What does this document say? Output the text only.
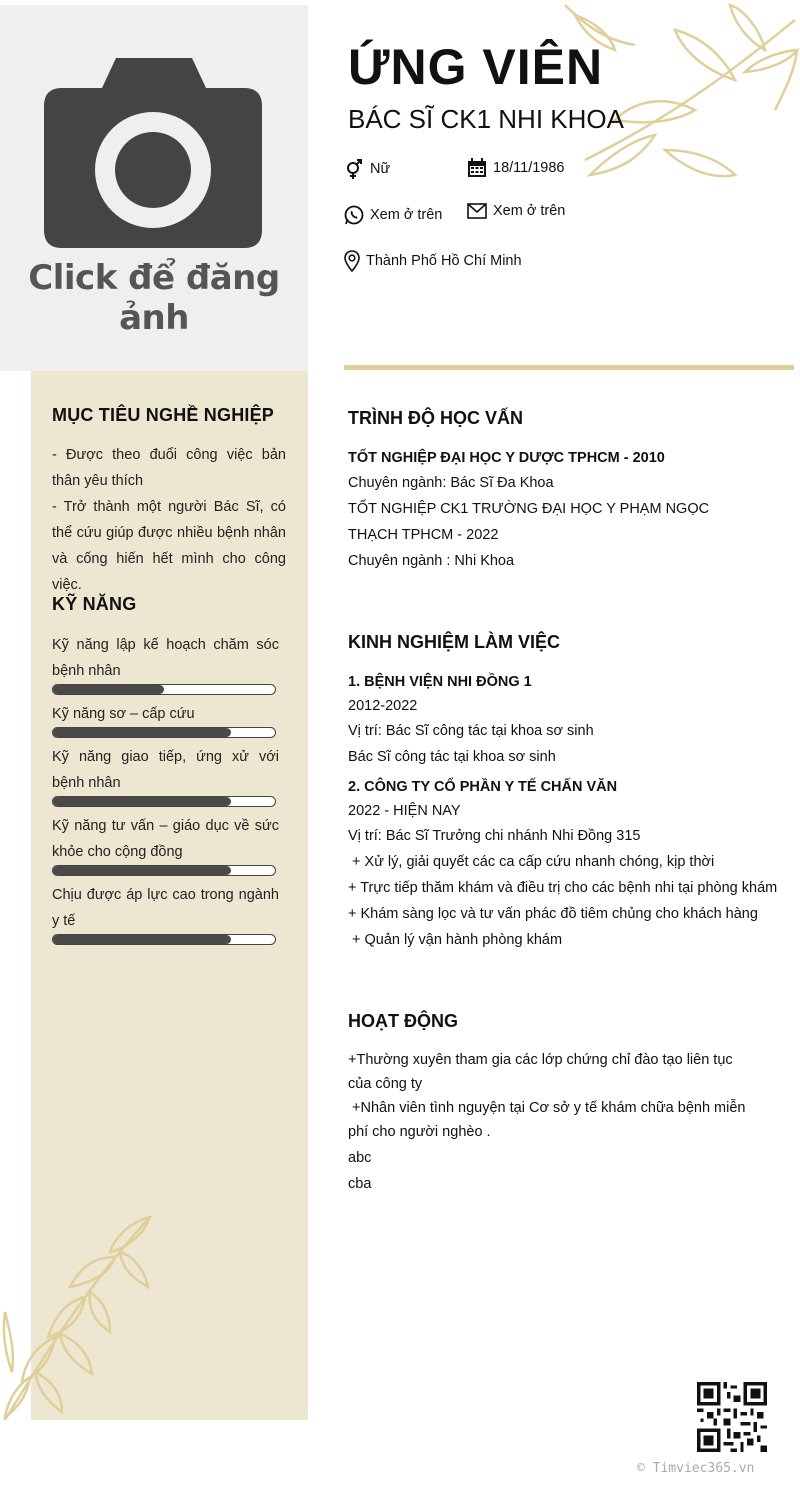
Click để đăng ảnh
MỤC TIÊU NGHỀ NGHIỆP
- Được theo đuổi công việc bản thân yêu thích
- Trở thành một người Bác Sĩ, có thể cứu giúp được nhiều bệnh nhân và cống hiến hết mình cho công việc.
KỸ NĂNG
Kỹ năng lập kế hoạch chăm sóc bệnh nhân
Kỹ năng sơ – cấp cứu
Kỹ năng giao tiếp, ứng xử với bệnh nhân
Kỹ năng tư vấn – giáo dục về sức khỏe cho cộng đồng
Chịu được áp lực cao trong ngành y tế
ỨNG VIÊN
BÁC SĨ CK1 NHI KHOA
Nữ	18/11/1986
Xem ở trên	Xem ở trên
Thành Phố Hồ Chí Minh
TRÌNH ĐỘ HỌC VẤN
TỐT NGHIỆP ĐẠI HỌC Y DƯỢC TPHCM - 2010
Chuyên ngành: Bác Sĩ Đa Khoa
TỐT NGHIỆP CK1 TRƯỜNG ĐẠI HỌC Y PHẠM NGỌC THẠCH TPHCM - 2022
Chuyên ngành : Nhi Khoa
KINH NGHIỆM LÀM VIỆC
1. BỆNH VIỆN NHI ĐỒNG 1
2012-2022
Vị trí: Bác Sĩ công tác tại khoa sơ sinh
Bác Sĩ công tác tại khoa sơ sinh
2. CÔNG TY CỔ PHẦN Y TẾ CHẤN VĂN
2022 - HIỆN NAY
Vị trí: Bác Sĩ Trưởng chi nhánh Nhi Đồng 315
+ Xử lý, giải quyết các ca cấp cứu nhanh chóng, kịp thời
+ Trực tiếp thăm khám và điều trị cho các bệnh nhi tại phòng khám
+ Khám sàng lọc và tư vấn phác đồ tiêm chủng cho khách hàng
+ Quản lý vận hành phòng khám
HOẠT ĐỘNG
+Thường xuyên tham gia các lớp chứng chỉ đào tạo liên tục của công ty
+Nhân viên tình nguyện tại Cơ sở y tế khám chữa bệnh miễn phí cho người nghèo .
abc
cba
© Timviec365.vn
